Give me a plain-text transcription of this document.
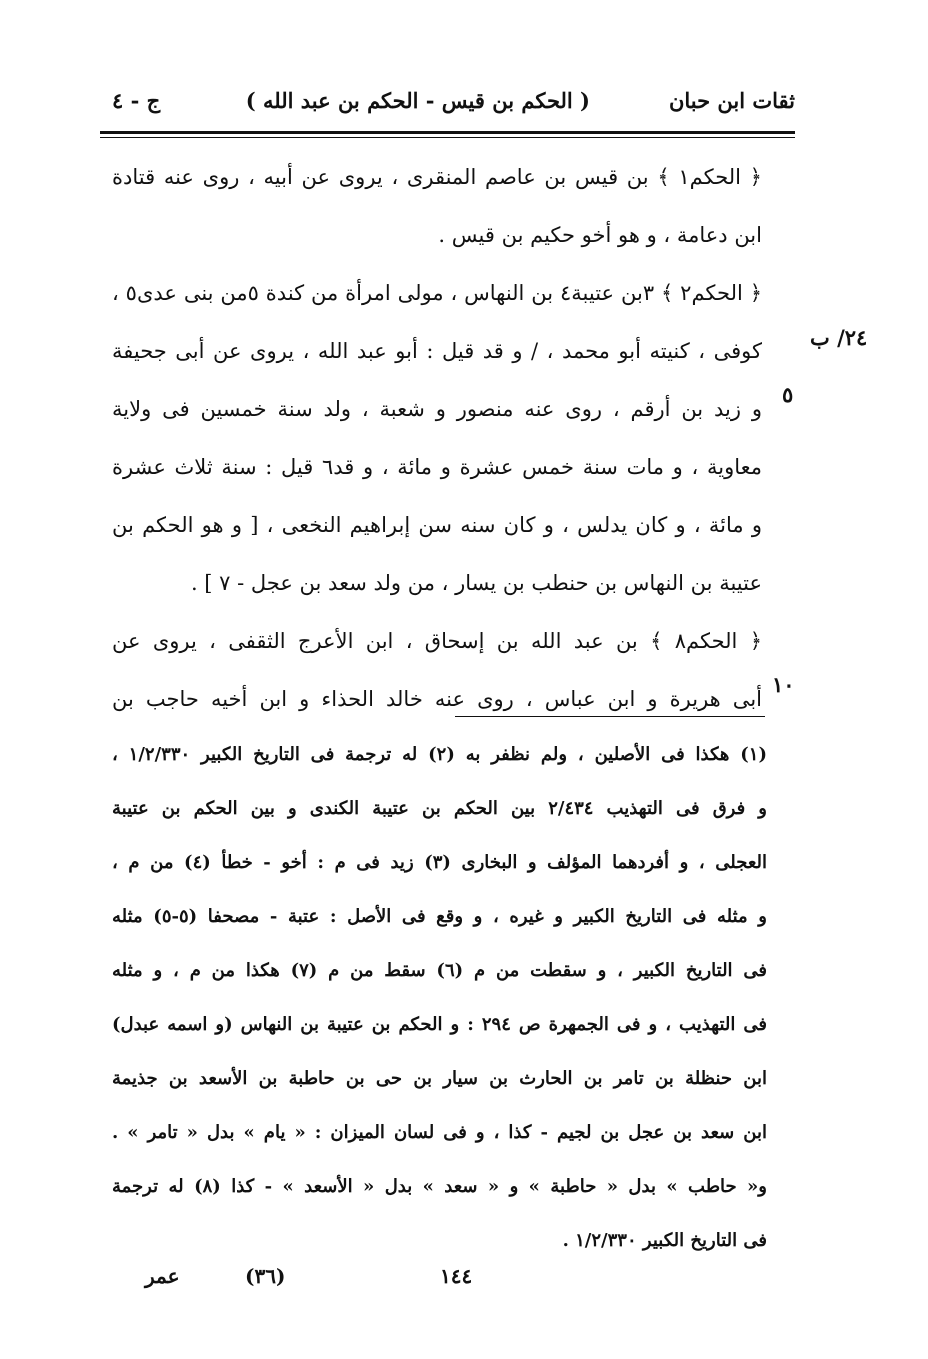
ثقات ابن حبان
( الحكم بن قيس - الحكم بن عبد الله )
ج - ٤
٢٤/ ب
٥
١٠
﴿ الحكم١ ﴾ بن قيس بن عاصم المنقرى ، يروى عن أبيه ، روى عنه قتادة
ابن دعامة ، و هو أخو حكيم بن قيس .
﴿ الحكم٢ ﴾ ٣بن عتيبة٤ بن النهاس ، مولى امرأة من كندة ٥من بنى عدى٥ ،
كوفى ، كنيته أبو محمد ، / و قد قيل : أبو عبد الله ، يروى عن أبى جحيفة
و زيد بن أرقم ، روى عنه منصور و شعبة ، ولد سنة خمسين فى ولاية
معاوية ، و مات سنة خمس عشرة و مائة ، و قد٦ قيل : سنة ثلاث عشرة
و مائة ، و كان يدلس ، و كان سنه سن إبراهيم النخعى ، [ و هو الحكم بن
عتيبة بن النهاس بن حنطب بن يسار ، من ولد سعد بن عجل - ٧ ] .
﴿ الحكم٨ ﴾ بن عبد الله بن إسحاق ، ابن الأعرج الثقفى ، يروى عن
أبى هريرة و ابن عباس ، روى عنه خالد الحذاء و ابن أخيه حاجب بن
(١) هكذا فى الأصلين ، ولم نظفر به (٢) له ترجمة فى التاريخ الكبير ١/٢/٣٣٠ ،
و فرق فى التهذيب ٢/٤٣٤ بين الحكم بن عتيبة الكندى و بين الحكم بن عتيبة
العجلى ، و أفردهما المؤلف و البخارى (٣) زيد فى م : أخو - خطأ (٤) من م ،
و مثله فى التاريخ الكبير و غيره ، و وقع فى الأصل : عتبة - مصحفا (٥-٥) مثله
فى التاريخ الكبير ، و سقطت من م (٦) سقط من م (٧) هكذا من م ، و مثله
فى التهذيب ، و فى الجمهرة ص ٢٩٤ : و الحكم بن عتيبة بن النهاس (و اسمه عبدل)
ابن حنظلة بن تامر بن الحارث بن سيار بن حى بن حاطبة بن الأسعد بن جذيمة
ابن سعد بن عجل بن لجيم - كذا ، و فى لسان الميزان : « يام » بدل « تامر » .
و« حاطب » بدل « حاطبة » و « سعد » بدل « الأسعد » - كذا (٨) له ترجمة
فى التاريخ الكبير ١/٢/٣٣٠ .
عمر	(٣٦)	١٤٤
